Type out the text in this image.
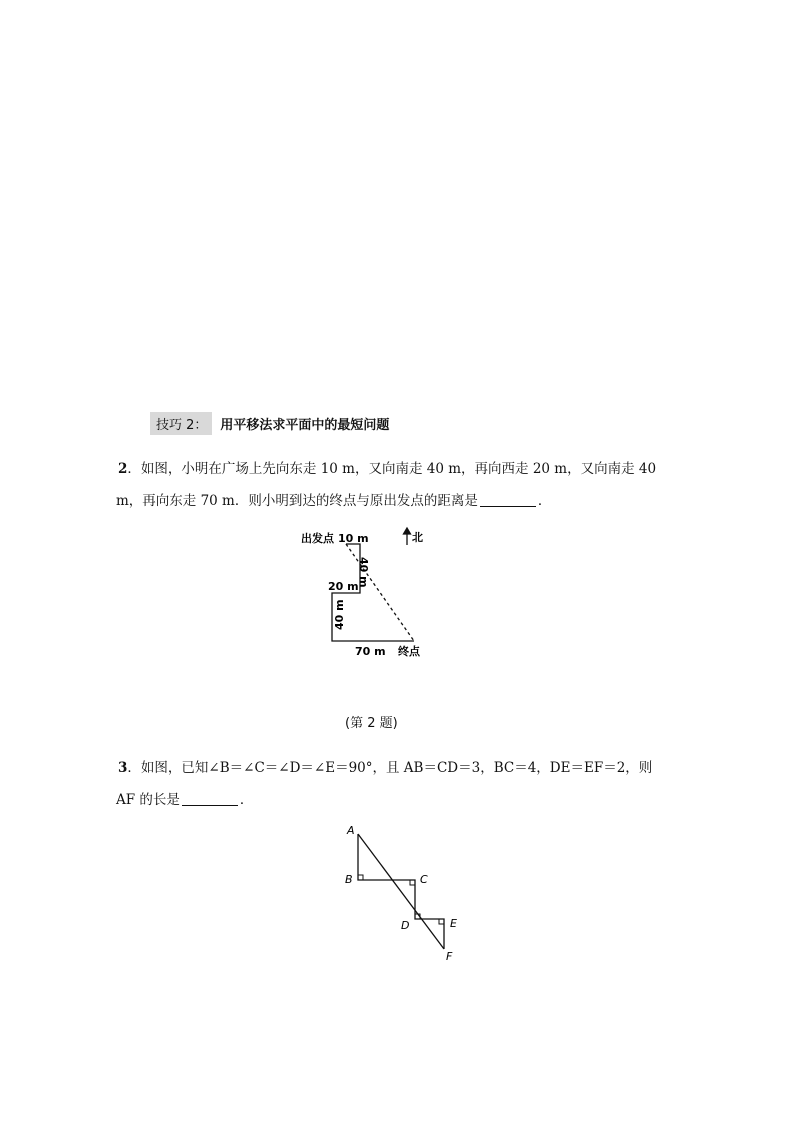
技巧 2：	用平移法求平面中的最短问题
2．如图，小明在广场上先向东走 10 m，又向南走 40 m，再向西走 20 m，又向南走 40
m，再向东走 70 m．则小明到达的终点与原出发点的距离是	．
出发点 10 m
40 m
20 m
40 m
70 m 终点
北
(第 2 题)
3．如图，已知∠B＝∠C＝∠D＝∠E＝90°，且 AB＝CD＝3，BC＝4，DE＝EF＝2，则
AF 的长是	．
A
B	C
D	E
F
